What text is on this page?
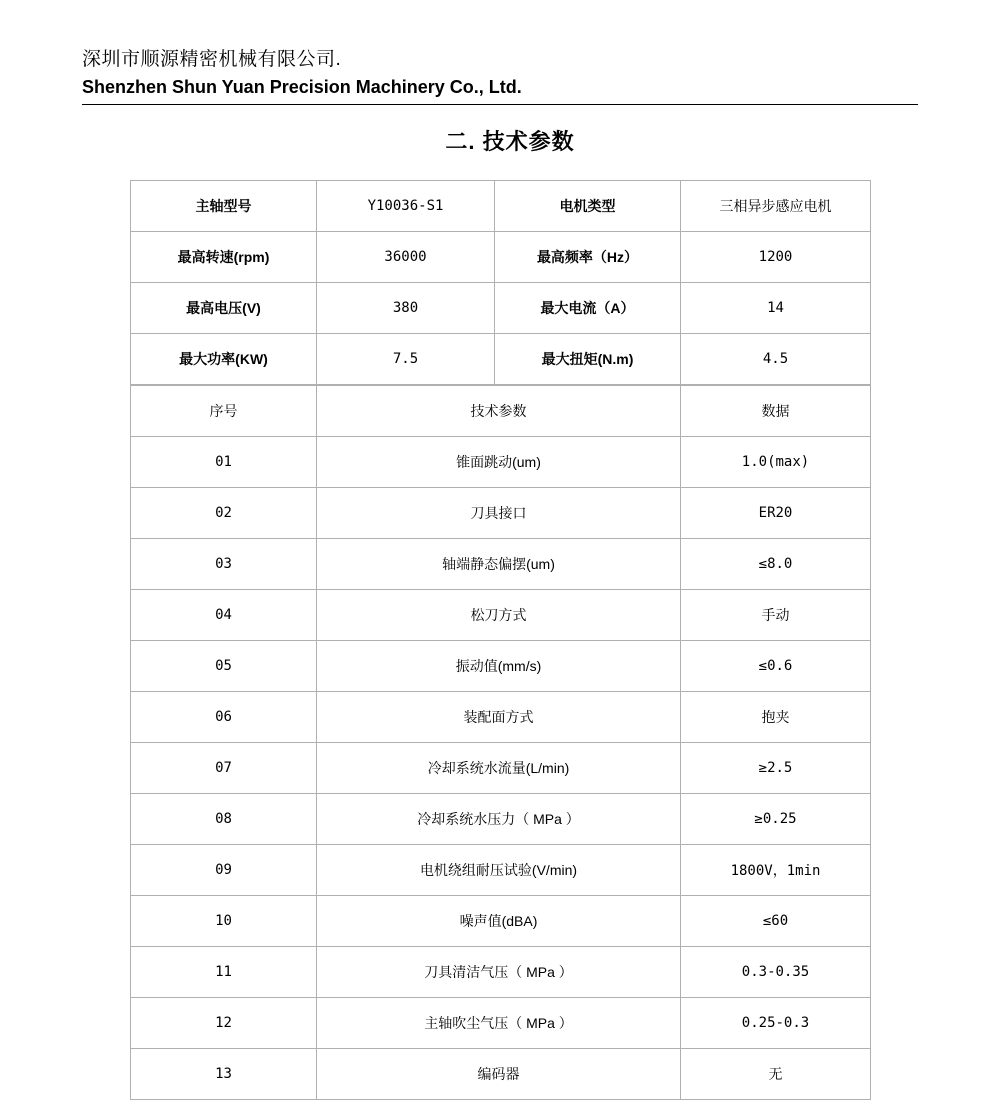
深圳市顺源精密机械有限公司.
Shenzhen Shun Yuan Precision Machinery Co., Ltd.
二. 技术参数
主轴型号	Y10036-S1	电机类型	三相异步感应电机
最高转速(rpm)	36000	最高频率（Hz）	1200
最高电压(V)	380	最大电流（A）	14
最大功率(KW)	7.5	最大扭矩(N.m)	4.5
序号	技术参数	数据
01	锥面跳动(um)	1.0(max)
02	刀具接口	ER20
03	轴端静态偏摆(um)	≤8.0
04	松刀方式	手动
05	振动值(mm/s)	≤0.6
06	装配面方式	抱夹
07	冷却系统水流量(L/min)	≥2.5
08	冷却系统水压力（ MPa ）	≥0.25
09	电机绕组耐压试验(V/min)	1800V，1min
10	噪声值(dBA)	≤60
11	刀具清洁气压（ MPa ）	0.3-0.35
12	主轴吹尘气压（ MPa ）	0.25-0.3
13	编码器	无
